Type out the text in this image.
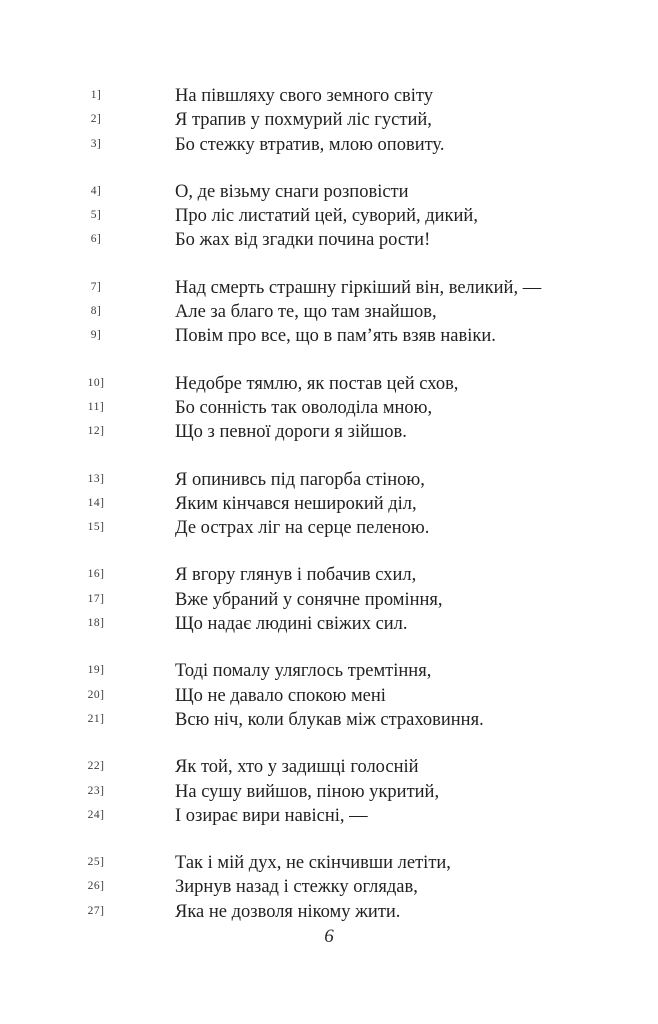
1]	На півшляху свого земного світу
2]	Я трапив у похмурий ліс густий,
3]	Бо стежку втратив, млою оповиту.
4]	О, де візьму снаги розповісти
5]	Про ліс листатий цей, суворий, дикий,
6]	Бо жах від згадки почина рости!
7]	Над смерть страшну гіркіший він, великий, —
8]	Але за благо те, що там знайшов,
9]	Повім про все, що в пам’ять взяв навіки.
10]	Недобре тямлю, як постав цей схов,
11]	Бо сонність так оволоділа мною,
12]	Що з певної дороги я зійшов.
13]	Я опинивсь під пагорба стіною,
14]	Яким кінчався неширокий діл,
15]	Де острах ліг на серце пеленою.
16]	Я вгору глянув і побачив схил,
17]	Вже убраний у сонячне проміння,
18]	Що надає людині свіжих сил.
19]	Тоді помалу уляглось тремтіння,
20]	Що не давало спокою мені
21]	Всю ніч, коли блукав між страховиння.
22]	Як той, хто у задишці голосній
23]	На сушу вийшов, піною укритий,
24]	І озирає вири навісні, —
25]	Так і мій дух, не скінчивши летіти,
26]	Зирнув назад і стежку оглядав,
27]	Яка не дозволя нікому жити.
6
